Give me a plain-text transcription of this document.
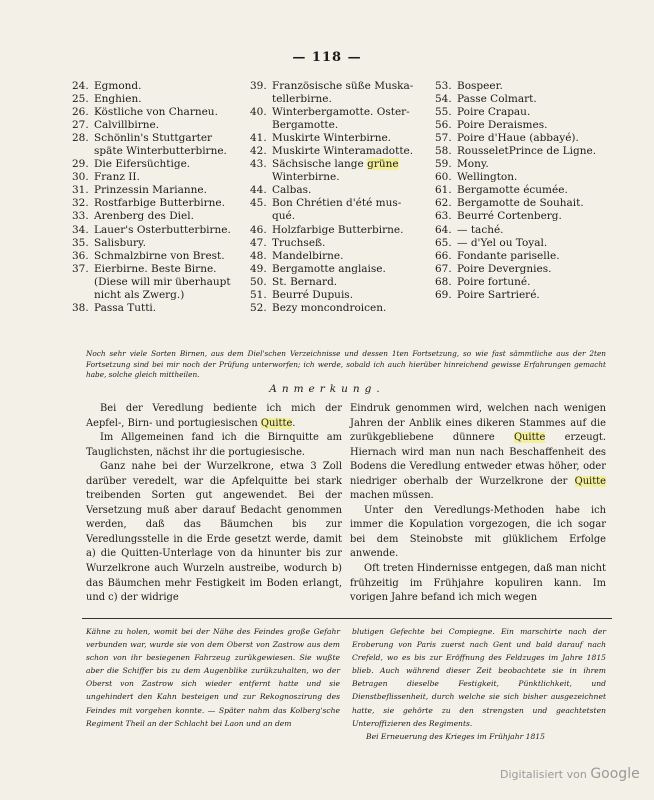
— 118 —
24. Egmond.
25. Enghien.
26. Köstliche von Charneu.
27. Calvillbirne.
28. Schönlin's Stuttgarter
späte Winterbutterbirne.
29. Die Eifersüchtige.
30. Franz II.
31. Prinzessin Marianne.
32. Rostfarbige Butterbirne.
33. Arenberg des Diel.
34. Lauer's Osterbutterbirne.
35. Salisbury.
36. Schmalzbirne von Brest.
37. Eierbirne. Beste Birne.
(Diese will mir überhaupt
nicht als Zwerg.)
38. Passa Tutti.
39. Französische süße Muska-
tellerbirne.
40. Winterbergamotte. Oster-
Bergamotte.
41. Muskirte Winterbirne.
42. Muskirte Winteramadotte.
43. Sächsische lange grüne
Winterbirne.
44. Calbas.
45. Bon Chrétien d'été mus-
qué.
46. Holzfarbige Butterbirne.
47. Truchseß.
48. Mandelbirne.
49. Bergamotte anglaise.
50. St. Bernard.
51. Beurré Dupuis.
52. Bezy moncondroicen.
53. Bospeer.
54. Passe Colmart.
55. Poire Crapau.
56. Poire Deraismes.
57. Poire d'Haue (abbayé).
58. RousseletPrince de Ligne.
59. Mony.
60. Wellington.
61. Bergamotte écumée.
62. Bergamotte de Souhait.
63. Beurré Cortenberg.
64. — taché.
65. — d'Yel ou Toyal.
66. Fondante pariselle.
67. Poire Devergnies.
68. Poire fortuné.
69. Poire Sartrieré.
Noch sehr viele Sorten Birnen, aus dem Diel'schen Verzeichnisse und dessen 1ten Fortsetzung, so wie fast sämmtliche aus der 2ten Fortsetzung sind bei mir noch der Prüfung unterworfen; ich werde, sobald ich auch hierüber hinreichend gewisse Erfahrungen gemacht habe, solche gleich mittheilen.
Anmerkung.

Bei der Veredlung bediente ich mich der Aepfel-, Birn- und portugiesischen Quitte.

Im Allgemeinen fand ich die Birnquitte am Tauglichsten, nächst ihr die portugiesische.

Ganz nahe bei der Wurzelkrone, etwa 3 Zoll darüber veredelt, war die Apfelquitte bei stark treibenden Sorten gut angewendet. Bei der Versetzung muß aber darauf Bedacht genommen werden, daß das Bäumchen bis zur Veredlungsstelle in die Erde gesetzt werde, damit a) die Quitten-Unterlage von da hinunter bis zur Wurzelkrone auch Wurzeln austreibe, wodurch b) das Bäumchen mehr Festigkeit im Boden erlangt, und c) der widrige

Eindruk genommen wird, welchen nach wenigen Jahren der Anblik eines dikeren Stammes auf die zurükgebliebene dünnere Quitte erzeugt. Hiernach wird man nun nach Beschaffenheit des Bodens die Veredlung entweder etwas höher, oder niedriger oberhalb der Wurzelkrone der Quitte machen müssen.

Unter den Veredlungs-Methoden habe ich immer die Kopulation vorgezogen, die ich sogar bei dem Steinobste mit glüklichem Erfolge anwende.

Oft treten Hindernisse entgegen, daß man nicht frühzeitig im Frühjahre kopuliren kann. Im vorigen Jahre befand ich mich wegen

Kähne zu holen, womit bei der Nähe des Feindes große Gefahr verbunden war, wurde sie von dem Oberst von Zastrow aus dem schon von ihr besiegenen Fahrzeug zurükgewiesen. Sie wußte aber die Schiffer bis zu dem Augenblike zurükzuhalten, wo der Oberst von Zastrow sich wieder entfernt hatte und sie ungehindert den Kahn besteigen und zur Rekognoszirung des Feindes mit vorgehen konnte. — Später nahm das Kolberg'sche Regiment Theil an der Schlacht bei Laon und an dem

blutigen Gefechte bei Compiegne. Ein marschirte nach der Eroberung von Paris zuerst nach Gent und bald darauf nach Crefeld, wo es bis zur Eröffnung des Feldzuges im Jahre 1815 blieb. Auch während dieser Zeit beobachtete sie in ihrem Betragen dieselbe Festigkeit, Pünktlichkeit, und Dienstbeflissenheit, durch welche sie sich bisher ausgezeichnet hatte, sie gehörte zu den strengsten und geachtetsten Unteroffizieren des Regiments.

Bei Erneuerung des Krieges im Frühjahr 1815

Digitalisiert von Google
